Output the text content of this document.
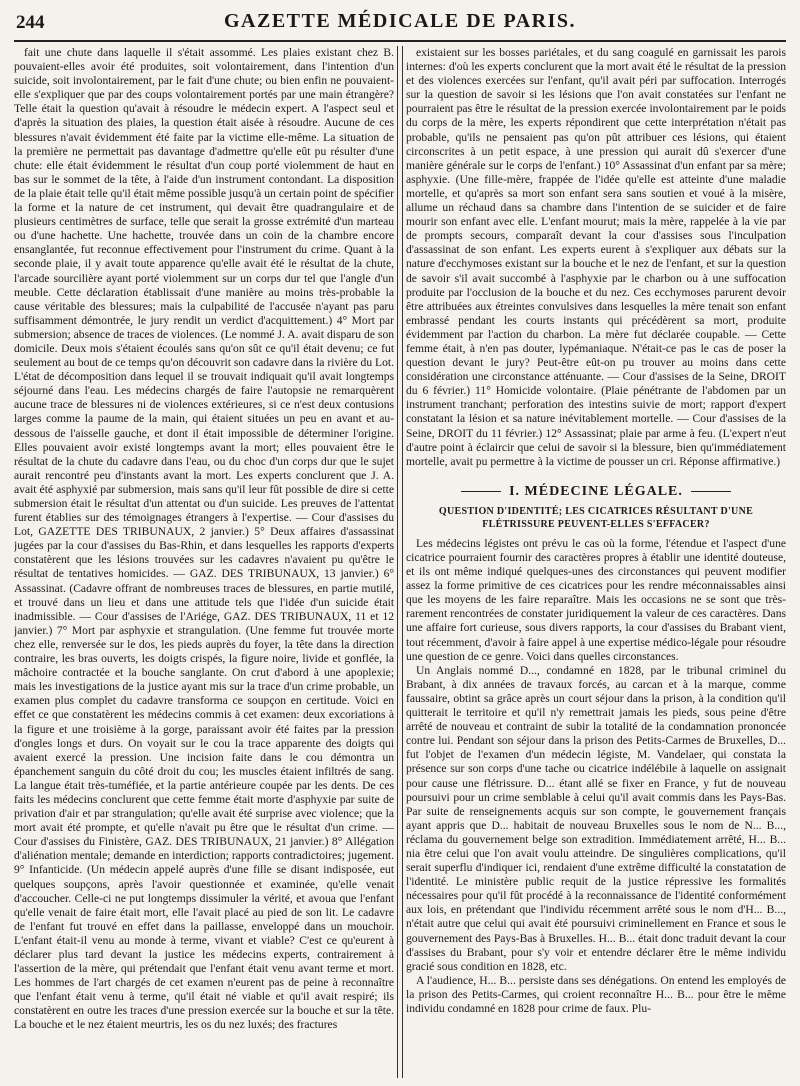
244	GAZETTE MÉDICALE DE PARIS.

fait une chute dans laquelle il s'était assommé. Les plaies existant chez B. pouvaient-elles avoir été produites, soit volontairement, dans l'intention d'un suicide, soit involontairement, par le fait d'une chute; ou bien enfin ne pouvaient-elle s'expliquer que par des coups volontairement portés par une main étrangère? Telle était la question qu'avait à résoudre le médecin expert. A l'aspect seul et d'après la situation des plaies, la question était aisée à résoudre. Aucune de ces blessures n'avait évidemment été faite par la victime elle-même. La situation de la première ne permettait pas davantage d'admettre qu'elle eût pu résulter d'une chute: elle était évidemment le résultat d'un coup porté violemment de haut en bas sur le sommet de la tête, à l'aide d'un instrument contondant. La disposition de la plaie était telle qu'il était même possible jusqu'à un certain point de spécifier la forme et la nature de cet instrument, qui devait être quadrangulaire et de plusieurs centimètres de surface, telle que serait la grosse extrémité d'un marteau ou d'une hachette. Une hachette, trouvée dans un coin de la chambre encore ensanglantée, fut reconnue effectivement pour l'instrument du crime. Quant à la seconde plaie, il y avait toute apparence qu'elle avait été le résultat de la chute, l'arcade sourcilière ayant porté violemment sur un corps dur tel que l'angle d'un meuble. Cette déclaration établissait d'une manière au moins très-probable la cause véritable des blessures; mais la culpabilité de l'accusée n'ayant pas paru suffisamment démontrée, le jury rendit un verdict d'acquittement.) 4° Mort par submersion; absence de traces de violences. (Le nommé J. A. avait disparu de son domicile. Deux mois s'étaient écoulés sans qu'on sût ce qu'il était devenu; ce fut seulement au bout de ce temps qu'on découvrit son cadavre dans la rivière du Lot. L'état de décomposition dans lequel il se trouvait indiquait qu'il avait longtemps séjourné dans l'eau. Les médecins chargés de faire l'autopsie ne remarquèrent aucune trace de blessures ni de violences extérieures, si ce n'est deux contusions larges comme la paume de la main, qui étaient situées un peu en avant et au-dessous de l'aisselle gauche, et dont il était impossible de déterminer l'origine. Elles pouvaient avoir existé longtemps avant la mort; elles pouvaient être le résultat de la chute du cadavre dans l'eau, ou du choc d'un corps dur que le sujet aurait rencontré peu d'instants avant la mort. Les experts conclurent que J. A. avait été asphyxié par submersion, mais sans qu'il leur fût possible de dire si cette submersion était le résultat d'un attentat ou d'un suicide. Les preuves de l'attentat furent établies sur des témoignages étrangers à l'expertise. — Cour d'assises du Lot, GAZETTE DES TRIBUNAUX, 2 janvier.) 5° Deux affaires d'assassinat jugées par la cour d'assises du Bas-Rhin, et dans lesquelles les rapports d'experts constatèrent que les lésions trouvées sur les cadavres n'avaient pu qu'être le résultat de tentatives homicides. — GAZ. DES TRIBUNAUX, 13 janvier.) 6° Assassinat. (Cadavre offrant de nombreuses traces de blessures, en partie mutilé, et trouvé dans un lieu et dans une attitude tels que l'idée d'un suicide était inadmissible. — Cour d'assises de l'Ariége, GAZ. DES TRIBUNAUX, 11 et 12 janvier.) 7° Mort par asphyxie et strangulation. (Une femme fut trouvée morte chez elle, renversée sur le dos, les pieds auprès du foyer, la tête dans la direction contraire, les bras ouverts, les doigts crispés, la figure noire, livide et gonflée, la mâchoire contractée et la bouche sanglante. On crut d'abord à une apoplexie; mais les investigations de la justice ayant mis sur la trace d'un crime probable, un examen plus complet du cadavre transforma ce soupçon en certitude. Voici en effet ce que constatèrent les médecins commis à cet examen: deux excoriations à la figure et une troisième à la gorge, paraissant avoir été faites par la pression d'ongles longs et durs. On voyait sur le cou la trace apparente des doigts qui avaient exercé la pression. Une incision faite dans le cou démontra un épanchement sanguin du côté droit du cou; les muscles étaient infiltrés de sang. La langue était très-tuméfiée, et la partie antérieure coupée par les dents. De ces faits les médecins conclurent que cette femme était morte d'asphyxie par suite de privation d'air et par strangulation; qu'elle avait été surprise avec violence; que la mort avait été prompte, et qu'elle n'avait pu être que le résultat d'un crime. — Cour d'assises du Finistère, GAZ. DES TRIBUNAUX, 21 janvier.) 8° Allégation d'aliénation mentale; demande en interdiction; rapports contradictoires; jugement. 9° Infanticide. (Un médecin appelé auprès d'une fille se disant indisposée, eut quelques soupçons, après l'avoir questionnée et examinée, qu'elle venait d'accoucher. Celle-ci ne put longtemps dissimuler la vérité, et avoua que l'enfant qu'elle venait de faire était mort, elle l'avait placé au pied de son lit. Le cadavre de l'enfant fut trouvé en effet dans la paillasse, enveloppé dans un mouchoir. L'enfant était-il venu au monde à terme, vivant et viable? C'est ce qu'eurent à déclarer plus tard devant la justice les médecins experts, contrairement à l'assertion de la mère, qui prétendait que l'enfant était venu avant terme et mort. Les hommes de l'art chargés de cet examen n'eurent pas de peine à reconnaître que l'enfant était venu à terme, qu'il était né viable et qu'il avait respiré; ils constatèrent en outre les traces d'une pression exercée sur la bouche et sur la tête. La bouche et le nez étaient meurtris, les os du nez luxés; des fractures

existaient sur les bosses pariétales, et du sang coagulé en garnissait les parois internes: d'où les experts conclurent que la mort avait été le résultat de la pression et des violences exercées sur l'enfant, qu'il avait péri par suffocation. Interrogés sur la question de savoir si les lésions que l'on avait constatées sur l'enfant ne pourraient pas être le résultat de la pression exercée involontairement par le poids du corps de la mère, les experts répondirent que cette interprétation n'était pas probable, qu'ils ne pensaient pas qu'on pût attribuer ces lésions, qui étaient circonscrites à un petit espace, à une pression qui aurait dû s'exercer d'une manière générale sur le corps de l'enfant.) 10° Assassinat d'un enfant par sa mère; asphyxie. (Une fille-mère, frappée de l'idée qu'elle est atteinte d'une maladie mortelle, et qu'après sa mort son enfant sera sans soutien et voué à la misère, allume un réchaud dans sa chambre dans l'intention de se suicider et de faire mourir son enfant avec elle. L'enfant mourut; mais la mère, rappelée à la vie par de prompts secours, comparaît devant la cour d'assises sous l'inculpation d'assassinat de son enfant. Les experts eurent à s'expliquer aux débats sur la nature d'ecchymoses existant sur la bouche et le nez de l'enfant, et sur la question de savoir s'il avait succombé à l'asphyxie par le charbon ou à une suffocation produite par l'occlusion de la bouche et du nez. Ces ecchymoses parurent devoir être attribuées aux étreintes convulsives dans lesquelles la mère tenait son enfant embrassé pendant les courts instants qui précédèrent sa mort, produite évidemment par l'action du charbon. La mère fut déclarée coupable. — Cette femme était, à n'en pas douter, lypémaniaque. N'était-ce pas le cas de poser la question devant le jury? Peut-être eût-on pu trouver au moins dans cette considération une circonstance atténuante. — Cour d'assises de la Seine, DROIT du 6 février.) 11° Homicide volontaire. (Plaie pénétrante de l'abdomen par un instrument tranchant; perforation des intestins suivie de mort; rapport d'expert constatant la lésion et sa nature inévitablement mortelle. — Cour d'assises de la Seine, DROIT du 11 février.) 12° Assassinat; plaie par arme à feu. (L'expert n'eut d'autre point à éclaircir que celui de savoir si la blessure, bien qu'immédiatement mortelle, avait pu permettre à la victime de pousser un cri. Réponse affirmative.)

I. MÉDECINE LÉGALE.
QUESTION D'IDENTITÉ; LES CICATRICES RÉSULTANT D'UNE FLÉTRISSURE PEUVENT-ELLES S'EFFACER?

Les médecins légistes ont prévu le cas où la forme, l'étendue et l'aspect d'une cicatrice pourraient fournir des caractères propres à établir une identité douteuse, et ils ont même indiqué quelques-unes des circonstances qui peuvent modifier assez la forme primitive de ces cicatrices pour les rendre méconnaissables ainsi que les moyens de les faire reparaître. Mais les occasions ne se sont que très-rarement rencontrées de constater juridiquement la valeur de ces caractères. Dans une affaire fort curieuse, sous divers rapports, la cour d'assises du Brabant vient, tout récemment, d'avoir à faire appel à une expertise médico-légale pour résoudre une question de ce genre. Voici dans quelles circonstances.

Un Anglais nommé D..., condamné en 1828, par le tribunal criminel du Brabant, à dix années de travaux forcés, au carcan et à la marque, comme faussaire, obtint sa grâce après un court séjour dans la prison, à la condition qu'il quitterait le territoire et qu'il n'y remettrait jamais les pieds, sous peine d'être arrêté de nouveau et contraint de subir la totalité de la condamnation prononcée contre lui. Pendant son séjour dans la prison des Petits-Carmes de Bruxelles, D... fut l'objet de l'examen d'un médecin légiste, M. Vandelaer, qui constata la présence sur son corps d'une tache ou cicatrice indélébile à laquelle on assignait pour cause une flétrissure. D... étant allé se fixer en France, y fut de nouveau poursuivi pour un crime semblable à celui qu'il avait commis dans les Pays-Bas. Par suite de renseignements acquis sur son compte, le gouvernement français ayant appris que D... habitait de nouveau Bruxelles sous le nom de N... B..., réclama du gouvernement belge son extradition. Immédiatement arrêté, H... B... nia être celui que l'on avait voulu atteindre. De singulières complications, qu'il serait superflu d'indiquer ici, rendaient d'une extrême difficulté la constatation de l'identité. Le ministère public requit de la justice répressive les formalités nécessaires pour qu'il fût procédé à la reconnaissance de l'identité conformément aux lois, en prétendant que l'individu récemment arrêté sous le nom d'H... B..., n'était autre que celui qui avait été poursuivi criminellement en France et sous le gouvernement des Pays-Bas à Bruxelles. H... B... était donc traduit devant la cour d'assises du Brabant, pour s'y voir et entendre déclarer être le même individu gracié sous condition en 1828, etc.

A l'audience, H... B... persiste dans ses dénégations. On entend les employés de la prison des Petits-Carmes, qui croient reconnaître H... B... pour être le même individu condamné en 1828 pour crime de faux. Plu-
